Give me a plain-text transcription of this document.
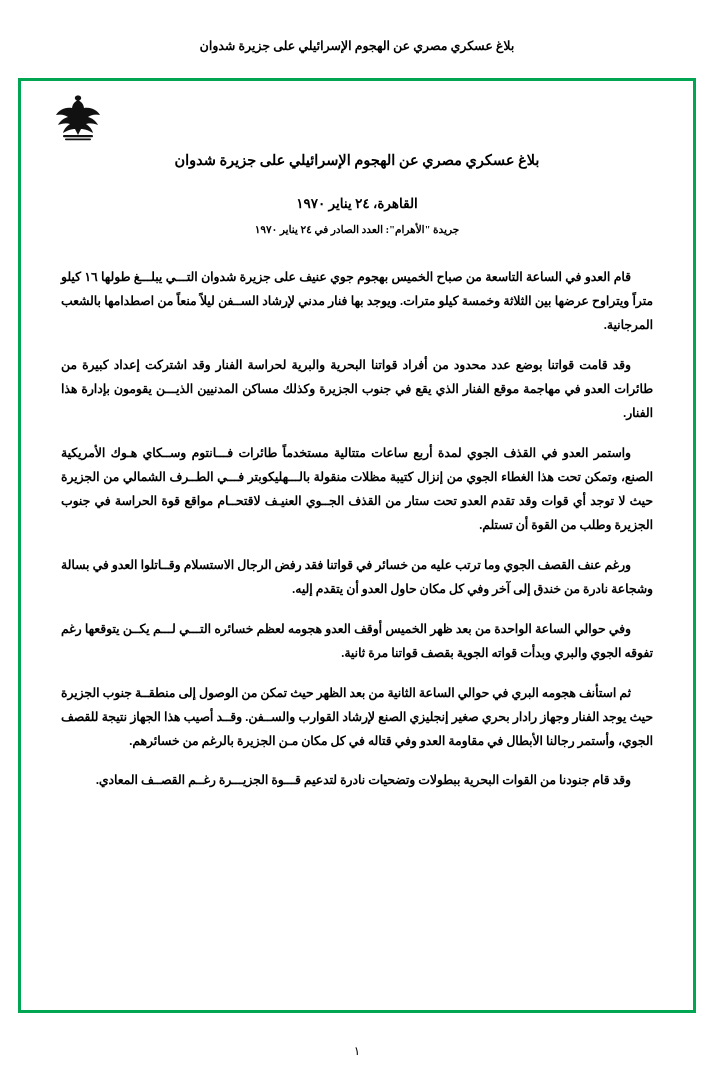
بلاغ عسكري مصري عن الهجوم الإسرائيلي على جزيرة شدوان
بلاغ عسكري مصري عن الهجوم الإسرائيلي على جزيرة شدوان
القاهرة، ٢٤ يناير ١٩٧٠
جريدة "الأهرام": العدد الصادر في ٢٤ يناير ١٩٧٠

قام العدو في الساعة التاسعة من صباح الخميس بهجوم جوي عنيف على جزيرة شدوان التـــي يبلـــغ طولها ١٦ كيلو متراً ويتراوح عرضها بين الثلاثة وخمسة كيلو مترات. ويوجد بها فنار مدني لإرشاد الســفن ليلاً منعاً من اصطدامها بالشعب المرجانية.

وقد قامت قواتنا بوضع عدد محدود من أفراد قواتنا البحرية والبرية لحراسة الفنار وقد اشتركت إعداد كبيرة من طائرات العدو في مهاجمة موقع الفنار الذي يقع في جنوب الجزيرة وكذلك مساكن المدنيين الذيـــن يقومون بإدارة هذا الفنار.

واستمر العدو في القذف الجوي لمدة أربع ساعات متتالية مستخدماً طائرات فـــانتوم وســكاي هـوك الأمريكية الصنع، وتمكن تحت هذا الغطاء الجوي من إنزال كتيبة مظلات منقولة بالـــهليكوبتر فـــي الطــرف الشمالي من الجزيرة حيث لا توجد أي قوات وقد تقدم العدو تحت ستار من القذف الجــوي العنيـف لاقتحــام مواقع قوة الحراسة في جنوب الجزيرة وطلب من القوة أن تستلم.

ورغم عنف القصف الجوي وما ترتب عليه من خسائر في قواتنا فقد رفض الرجال الاستسلام وقــاتلوا العدو في بسالة وشجاعة نادرة من خندق إلى آخر وفي كل مكان حاول العدو أن يتقدم إليه.

وفي حوالي الساعة الواحدة من بعد ظهر الخميس أوقف العدو هجومه لعظم خسائره التـــي لـــم يكــن يتوقعها رغم تفوقه الجوي والبري وبدأت قواته الجوية بقصف قواتنا مرة ثانية.

ثم استأنف هجومه البري في حوالي الساعة الثانية من بعد الظهر حيث تمكن من الوصول إلى منطقــة جنوب الجزيرة حيث يوجد الفنار وجهاز رادار بحري صغير إنجليزي الصنع لإرشاد القوارب والســفن. وقــد أصيب هذا الجهاز نتيجة للقصف الجوي، وأستمر رجالنا الأبطال في مقاومة العدو وفي قتاله في كل مكان مـن الجزيرة بالرغم من خسائرهم.

وقد قام جنودنا من القوات البحرية ببطولات وتضحيات نادرة لتدعيم قـــوة الجزيـــرة رغــم القصــف المعادي.

١
